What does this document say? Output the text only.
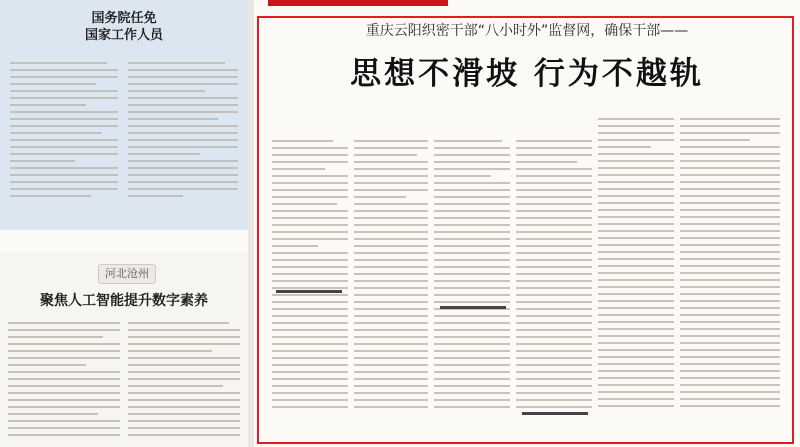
国务院任免
国家工作人员
河北沧州
聚焦人工智能提升数字素养
重庆云阳织密干部“八小时外”监督网，确保干部——
思想不滑坡 行为不越轨
